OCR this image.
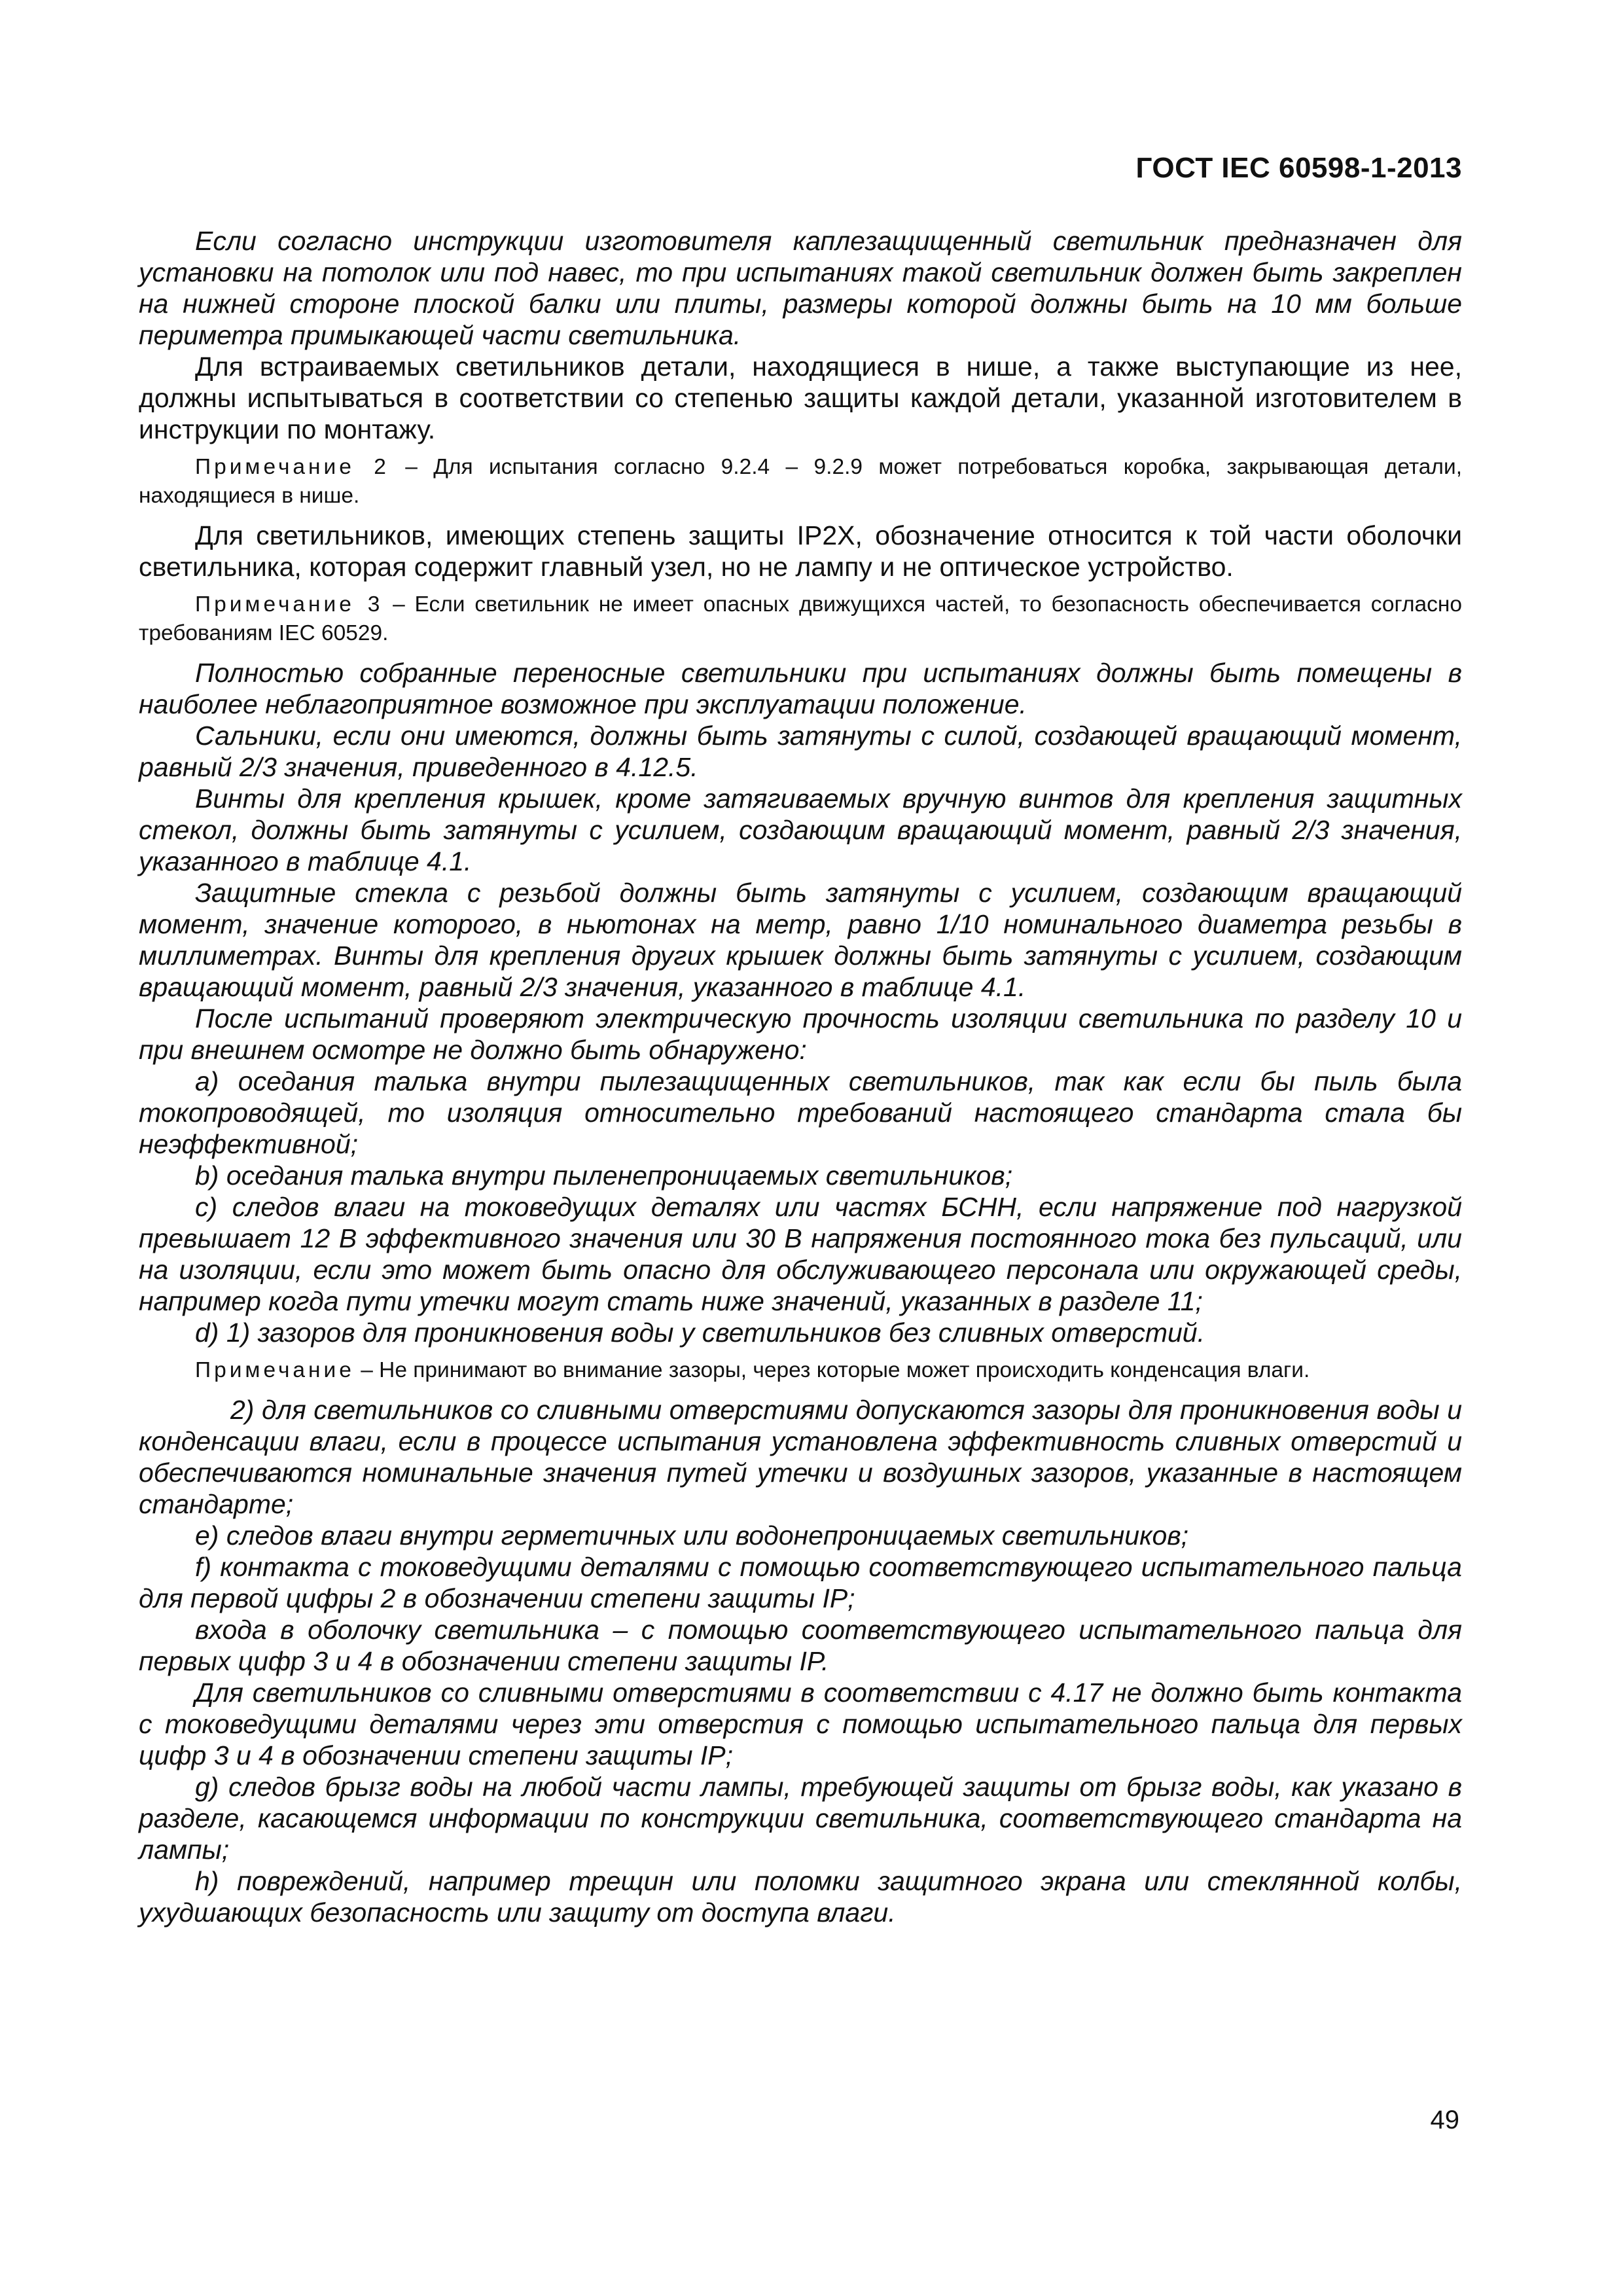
ГОСТ IEC 60598-1-2013

Если согласно инструкции изготовителя каплезащищенный светильник предназначен для установки на потолок или под навес, то при испытаниях такой светильник должен быть закреплен на нижней стороне плоской балки или плиты, размеры которой должны быть на 10 мм больше периметра примыкающей части светильника.

Для встраиваемых светильников детали, находящиеся в нише, а также выступающие из нее, должны испытываться в соответствии со степенью защиты каждой детали, указанной изготовителем в инструкции по монтажу.

Примечание 2 – Для испытания согласно 9.2.4 – 9.2.9 может потребоваться коробка, закрывающая детали, находящиеся в нише.

Для светильников, имеющих степень защиты IP2X, обозначение относится к той части оболочки светильника, которая содержит главный узел, но не лампу и не оптическое устройство.

Примечание 3 – Если светильник не имеет опасных движущихся частей, то безопасность обеспечивается согласно требованиям IEC 60529.

Полностью собранные переносные светильники при испытаниях должны быть помещены в наиболее неблагоприятное возможное при эксплуатации положение.

Сальники, если они имеются, должны быть затянуты с силой, создающей вращающий момент, равный 2/3 значения, приведенного в 4.12.5.

Винты для крепления крышек, кроме затягиваемых вручную винтов для крепления защитных стекол, должны быть затянуты с усилием, создающим вращающий момент, равный 2/3 значения, указанного в таблице 4.1.

Защитные стекла с резьбой должны быть затянуты с усилием, создающим вращающий момент, значение которого, в ньютонах на метр, равно 1/10 номинального диаметра резьбы в миллиметрах. Винты для крепления других крышек должны быть затянуты с усилием, создающим вращающий момент, равный 2/3 значения, указанного в таблице 4.1.

После испытаний проверяют электрическую прочность изоляции светильника по разделу 10 и при внешнем осмотре не должно быть обнаружено:

а) оседания талька внутри пылезащищенных светильников, так как если бы пыль была токопроводящей, то изоляция относительно требований настоящего стандарта стала бы неэффективной;

b) оседания талька внутри пыленепроницаемых светильников;

с) следов влаги на токоведущих деталях или частях БСНН, если напряжение под нагрузкой превышает 12 В эффективного значения или 30 В напряжения постоянного тока без пульсаций, или на изоляции, если это может быть опасно для обслуживающего персонала или окружающей среды, например когда пути утечки могут стать ниже значений, указанных в разделе 11;

d) 1) зазоров для проникновения воды у светильников без сливных отверстий.

Примечание – Не принимают во внимание зазоры, через которые может происходить конденсация влаги.

2) для светильников со сливными отверстиями допускаются зазоры для проникновения воды и конденсации влаги, если в процессе испытания установлена эффективность сливных отверстий и обеспечиваются номинальные значения путей утечки и воздушных зазоров, указанные в настоящем стандарте;

е) следов влаги внутри герметичных или водонепроницаемых светильников;

f) контакта с токоведущими деталями с помощью соответствующего испытательного пальца для первой цифры 2 в обозначении степени защиты IP;

входа в оболочку светильника – с помощью соответствующего испытательного пальца для первых цифр 3 и 4 в обозначении степени защиты IP.

Для светильников со сливными отверстиями в соответствии с 4.17 не должно быть контакта с токоведущими деталями через эти отверстия с помощью испытательного пальца для первых цифр 3 и 4 в обозначении степени защиты IP;

g) следов брызг воды на любой части лампы, требующей защиты от брызг воды, как указано в разделе, касающемся информации по конструкции светильника, соответствующего стандарта на лампы;

h) повреждений, например трещин или поломки защитного экрана или стеклянной колбы, ухудшающих безопасность или защиту от доступа влаги.

49
